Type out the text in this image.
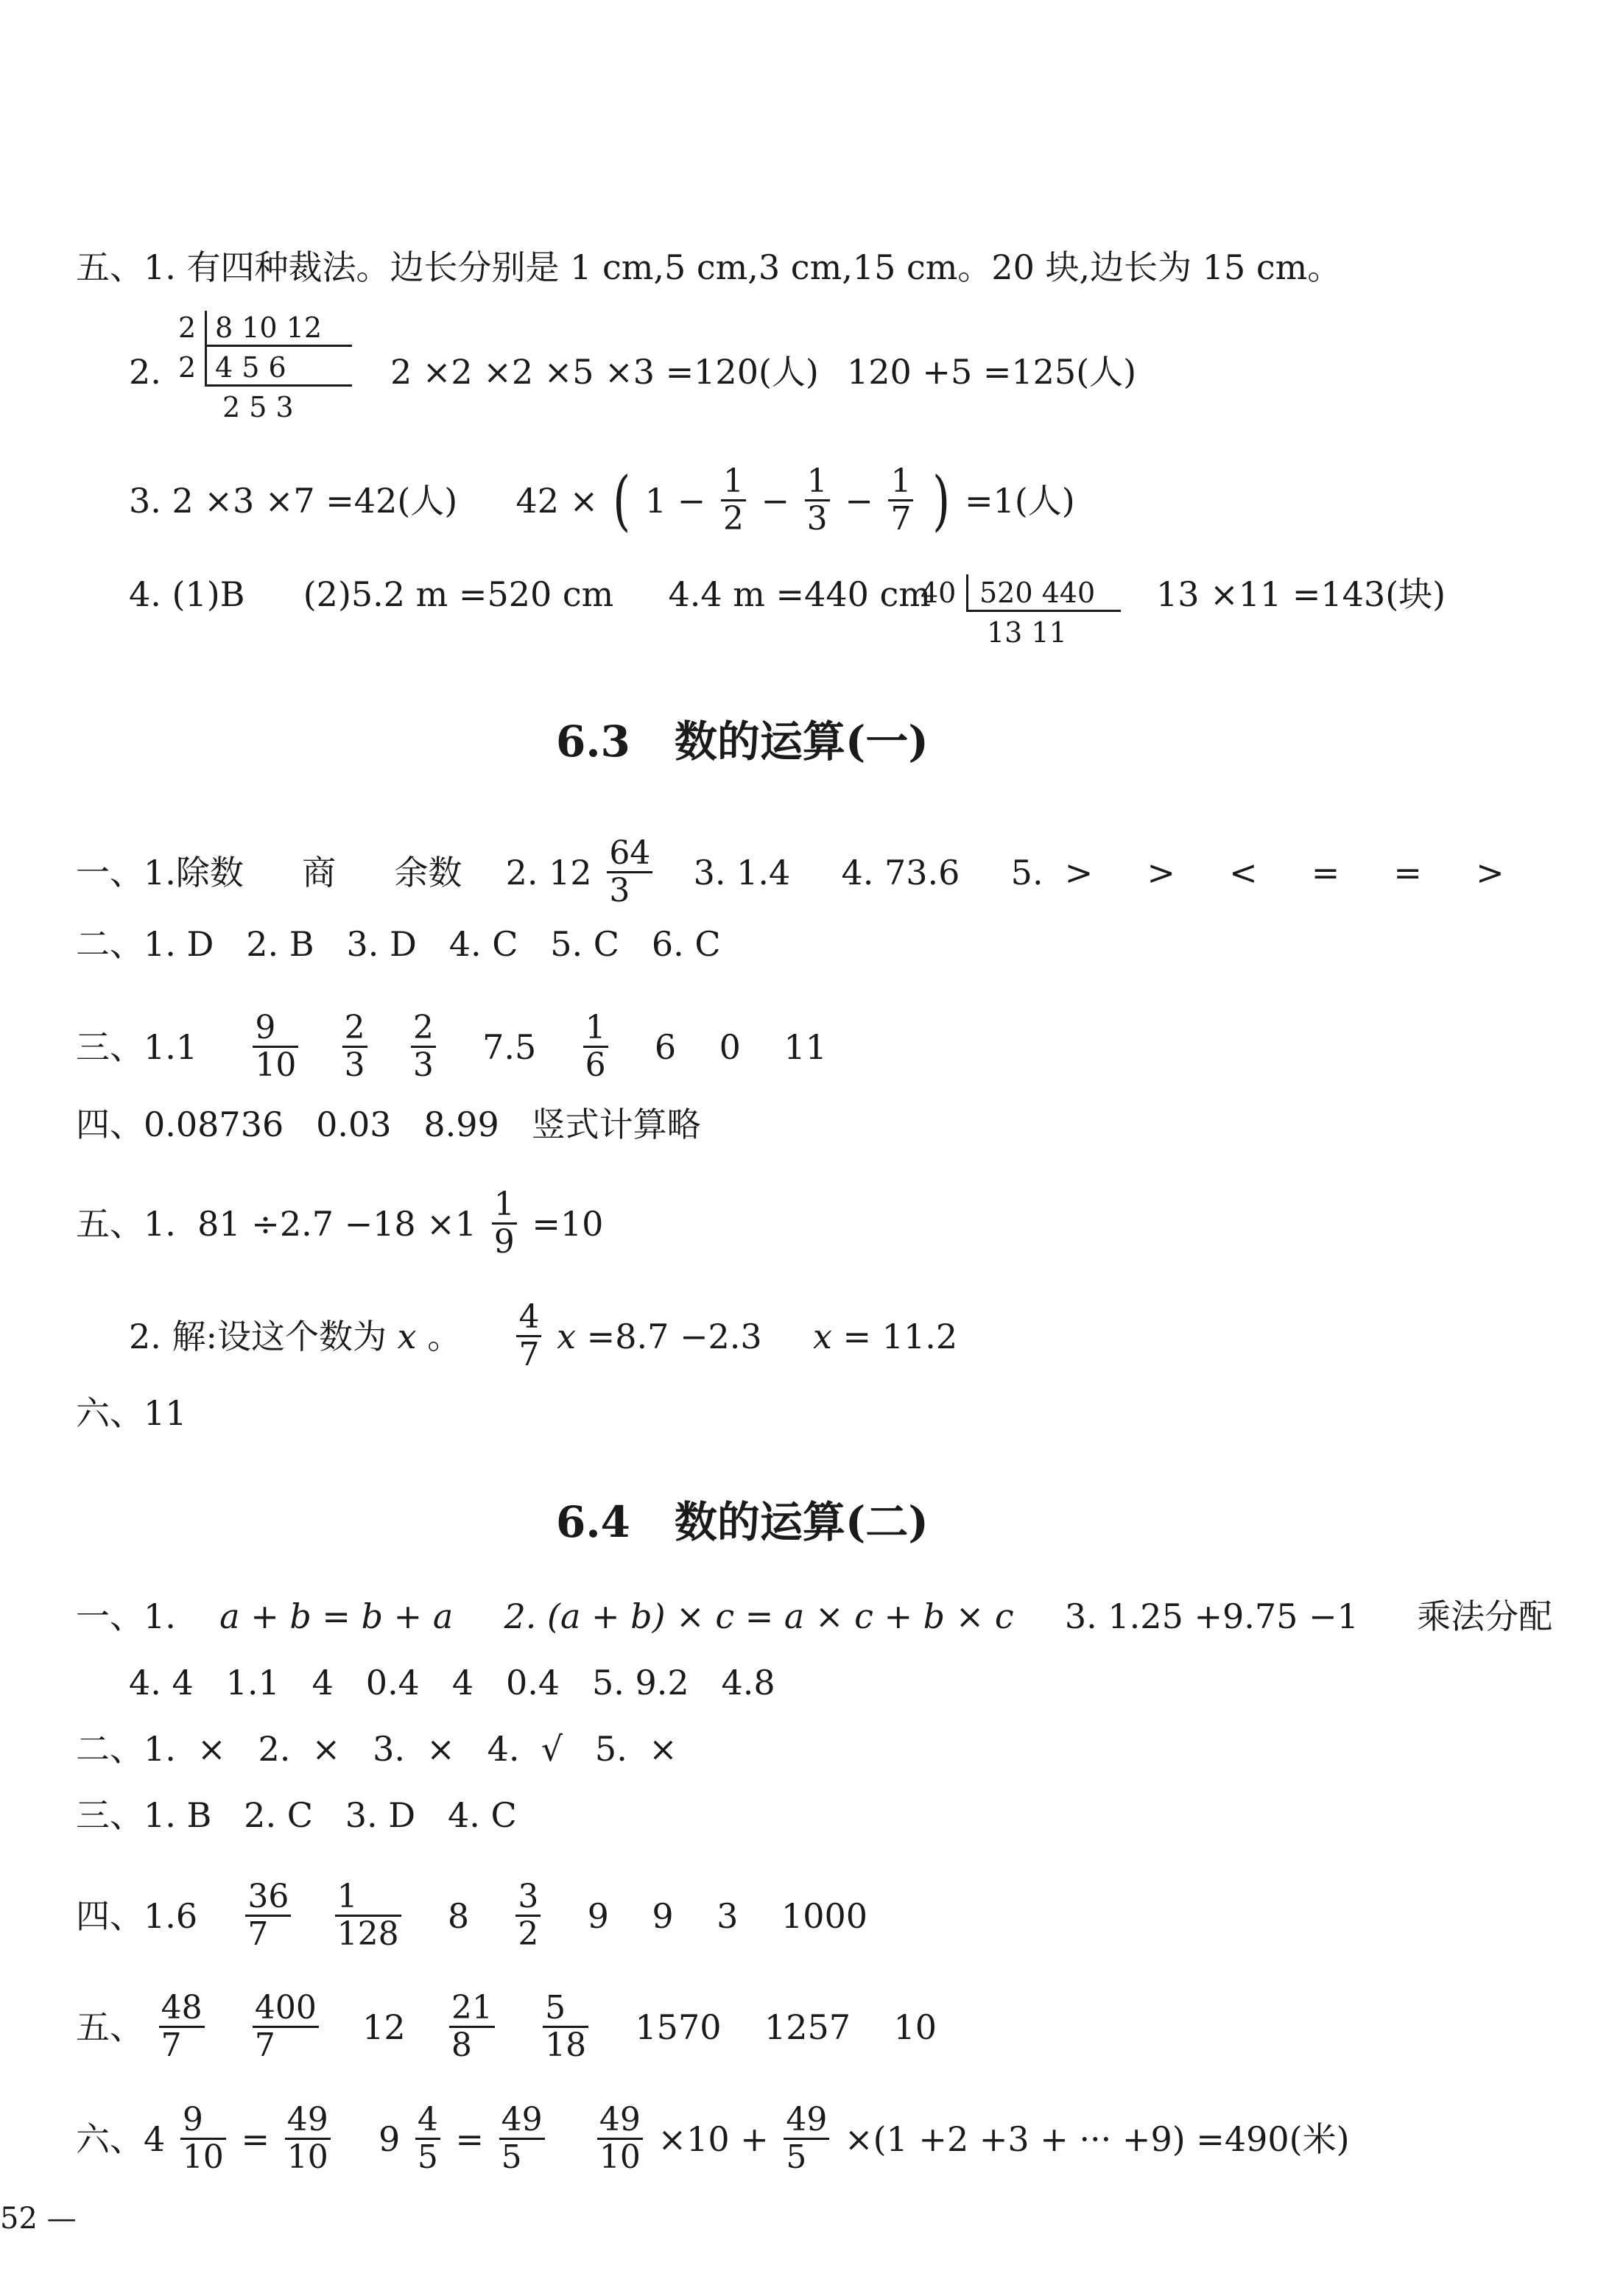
五、1. 有四种裁法。边长分别是 1 cm,5 cm,3 cm,15 cm。20 块,边长为 15 cm。
2.
2
2
8 10 12
4 5 6
2 5 3
2 ×2 ×2 ×5 ×3 =120(人) 120 +5 =125(人)
3. 2 ×3 ×7 =42(人) 42 × ( $1 - \frac{1}{2} - \frac{1}{3} - \frac{1}{7}$ ) =1(人)
4. (1)B (2)5.2 m =520 cm 4.4 m =440 cm
40 520 440
13 11
13 ×11 =143(块)
6.3 数的运算(一)
一、1.除数 商 余数 2. $12 \frac{64}{3} 3$. 1.4 4. 73.6 5.  >     >     <     =     =     >
二、1. D   2. B   3. D   4. C   5. C   6. C
三、$1.1 \frac{9}{10}$
$\frac{2}{3}$
$\frac{2}{3} 7.5 \frac{1}{6} 6$    0    11
四、0.08736   0.03   8.99   竖式计算略
五、1.  $81 \div 2.7 -18 \times 1 \frac{1}{9} =10$
2. 解:设这个数为 x 。 $\frac{4}{7}$ x =8.7 −2.3 x = 11.2
六、11
6.4 数的运算(二)
一、1. a + b = b + a 2. (a + b) × c = a × c + b × c 3. 1.25 +9.75 −1 乘法分配
4. 4   1.1   4   0.4   4   0.4   5. 9.2   4.8
二、1.  ×   2.  ×   3.  ×   4.  √   5.  ×
三、1. B   2. C   3. D   4. C
四、$1.6 \frac{36}{7}$
$\frac{1}{128} 8 \frac{3}{2} 9$    9    3    1000
五、 $\frac{48}{7}$
$\frac{400}{7} 12 \frac{21}{8}$
$\frac{5}{18} 1570$    1257    10
六、$4 \frac{9}{10} = \frac{49}{10} 9 \frac{4}{5} = \frac{49}{5}$
$\frac{49}{10} \times 10 + \frac{49}{5} \times(1 +2 +3$ + ··· +9) =490(米)
52 —
